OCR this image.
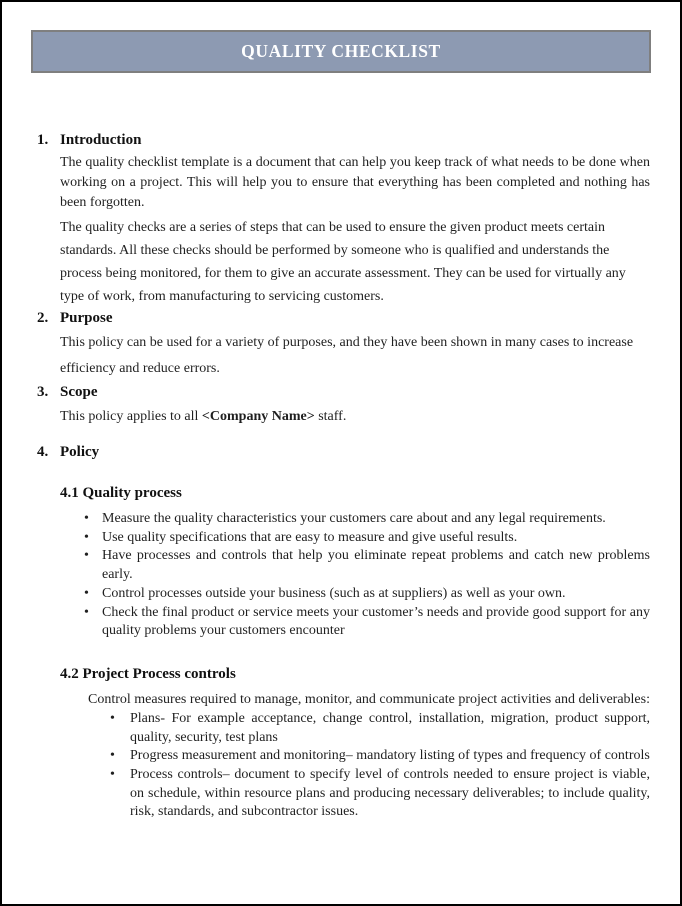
QUALITY CHECKLIST
1. Introduction

The quality checklist template is a document that can help you keep track of what needs to be done when working on a project. This will help you to ensure that everything has been completed and nothing has been forgotten.

The quality checks are a series of steps that can be used to ensure the given product meets certain standards. All these checks should be performed by someone who is qualified and understands the process being monitored, for them to give an accurate assessment. They can be used for virtually any type of work, from manufacturing to servicing customers.

2. Purpose

This policy can be used for a variety of purposes, and they have been shown in many cases to increase efficiency and reduce errors.

3. Scope

This policy applies to all <Company Name> staff.

4. Policy
4.1 Quality process
• Measure the quality characteristics your customers care about and any legal requirements.
• Use quality specifications that are easy to measure and give useful results.
• Have processes and controls that help you eliminate repeat problems and catch new problems early.
• Control processes outside your business (such as at suppliers) as well as your own.
• Check the final product or service meets your customer’s needs and provide good support for any quality problems your customers encounter
4.2 Project Process controls

Control measures required to manage, monitor, and communicate project activities and deliverables:

•	Plans- For example acceptance, change control, installation, migration, product support, quality, security, test plans
•	Progress measurement and monitoring– mandatory listing of types and frequency of controls
•	Process controls– document to specify level of controls needed to ensure project is viable, on schedule, within resource plans and producing necessary deliverables; to include quality, risk, standards, and subcontractor issues.
